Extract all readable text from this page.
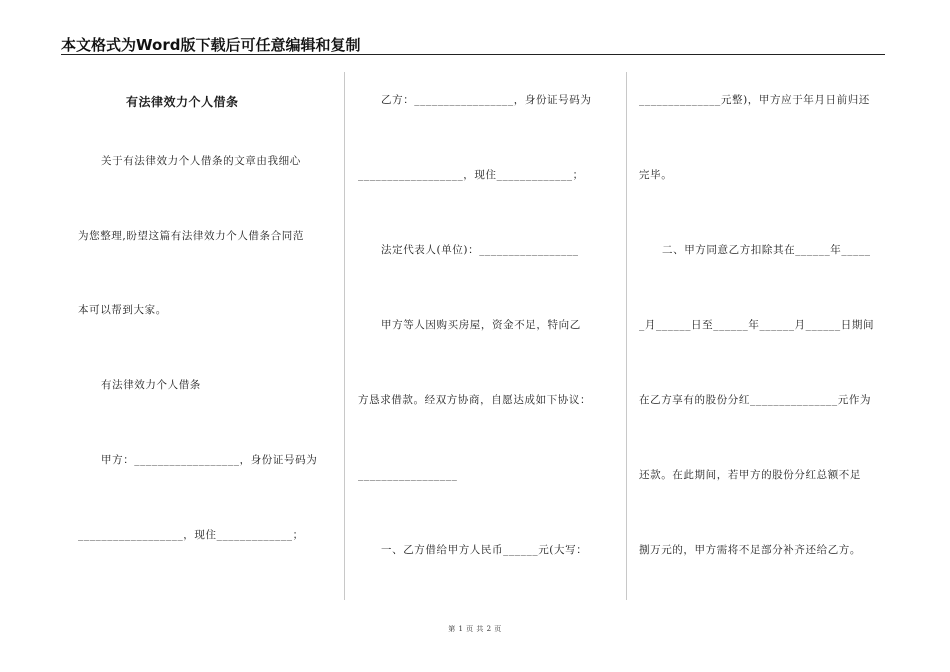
本文格式为Word版下载后可任意编辑和复制
有法律效力个人借条
关于有法律效力个人借条的文章由我细心
为您整理,盼望这篇有法律效力个人借条合同范
本可以帮到大家。
有法律效力个人借条
甲方：__________________，身份证号码为
__________________，现住_____________；
乙方：_________________，身份证号码为
__________________，现住_____________；
法定代表人(单位)：_________________
甲方等人因购买房屋，资金不足，特向乙
方恳求借款。经双方协商，自愿达成如下协议：
_________________
一、乙方借给甲方人民币______元(大写：
______________元整)，甲方应于年月日前归还
完毕。
二、甲方同意乙方扣除其在______年_____
_月______日至______年______月______日期间
在乙方享有的股份分红_______________元作为
还款。在此期间，若甲方的股份分红总额不足
捌万元的，甲方需将不足部分补齐还给乙方。
第 1 页 共 2 页
